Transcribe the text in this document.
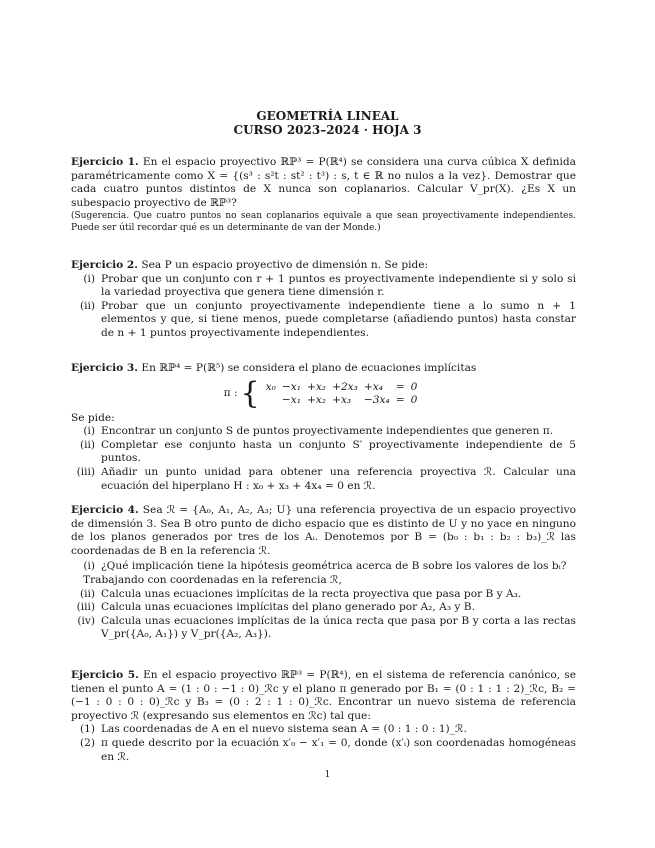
GEOMETRÍA LINEAL
CURSO 2023–2024 · HOJA 3

Ejercicio 1. En el espacio proyectivo ℝℙ³ = P(ℝ⁴) se considera una curva cúbica X definida paramétricamente como X = {(s³ : s²t : st² : t³) : s, t ∈ ℝ no nulos a la vez}. Demostrar que cada cuatro puntos distintos de X nunca son coplanarios. Calcular V_pr(X). ¿Es X un subespacio proyectivo de ℝℙ³?

(Sugerencia. Que cuatro puntos no sean coplanarios equivale a que sean proyectivamente independientes. Puede ser útil recordar qué es un determinante de van der Monde.)

Ejercicio 2. Sea P un espacio proyectivo de dimensión n. Se pide:

(i) Probar que un conjunto con r + 1 puntos es proyectivamente independiente si y solo si la variedad proyectiva que genera tiene dimensión r.
(ii) Probar que un conjunto proyectivamente independiente tiene a lo sumo n + 1 elementos y que, si tiene menos, puede completarse (añadiendo puntos) hasta constar de n + 1 puntos proyectivamente independientes.

Ejercicio 3. En ℝℙ⁴ = P(ℝ⁵) se considera el plano de ecuaciones implícitas

π : { x₀	−x₁	+x₂	+2x₃	+x₄	=	0
	−x₁	+x₂	+x₃	−3x₄	=	0

Se pide:

(i) Encontrar un conjunto S de puntos proyectivamente independientes que generen π.
(ii) Completar ese conjunto hasta un conjunto S′ proyectivamente independiente de 5 puntos.
(iii) Añadir un punto unidad para obtener una referencia proyectiva ℛ. Calcular una ecuación del hiperplano H : x₀ + x₃ + 4x₄ = 0 en ℛ.

Ejercicio 4. Sea ℛ = {A₀, A₁, A₂, A₃; U} una referencia proyectiva de un espacio proyectivo de dimensión 3. Sea B otro punto de dicho espacio que es distinto de U y no yace en ninguno de los planos generados por tres de los Aᵢ. Denotemos por B = (b₀ : b₁ : b₂ : b₃)_ℛ las coordenadas de B en la referencia ℛ.

(i) ¿Qué implicación tiene la hipótesis geométrica acerca de B sobre los valores de los bᵢ?

Trabajando con coordenadas en la referencia ℛ,

(ii) Calcula unas ecuaciones implícitas de la recta proyectiva que pasa por B y A₃.
(iii) Calcula unas ecuaciones implícitas del plano generado por A₂, A₃ y B.
(iv) Calcula unas ecuaciones implícitas de la única recta que pasa por B y corta a las rectas V_pr({A₀, A₁}) y V_pr({A₂, A₃}).

Ejercicio 5. En el espacio proyectivo ℝℙ³ = P(ℝ⁴), en el sistema de referencia canónico, se tienen el punto A = (1 : 0 : −1 : 0)_ℛc y el plano π generado por B₁ = (0 : 1 : 1 : 2)_ℛc, B₂ = (−1 : 0 : 0 : 0)_ℛc y B₃ = (0 : 2 : 1 : 0)_ℛc. Encontrar un nuevo sistema de referencia proyectivo ℛ (expresando sus elementos en ℛc) tal que:

(1) Las coordenadas de A en el nuevo sistema sean A = (0 : 1 : 0 : 1)_ℛ.
(2) π quede descrito por la ecuación x′₀ − x′₁ = 0, donde (x′ᵢ) son coordenadas homogéneas en ℛ.
1
